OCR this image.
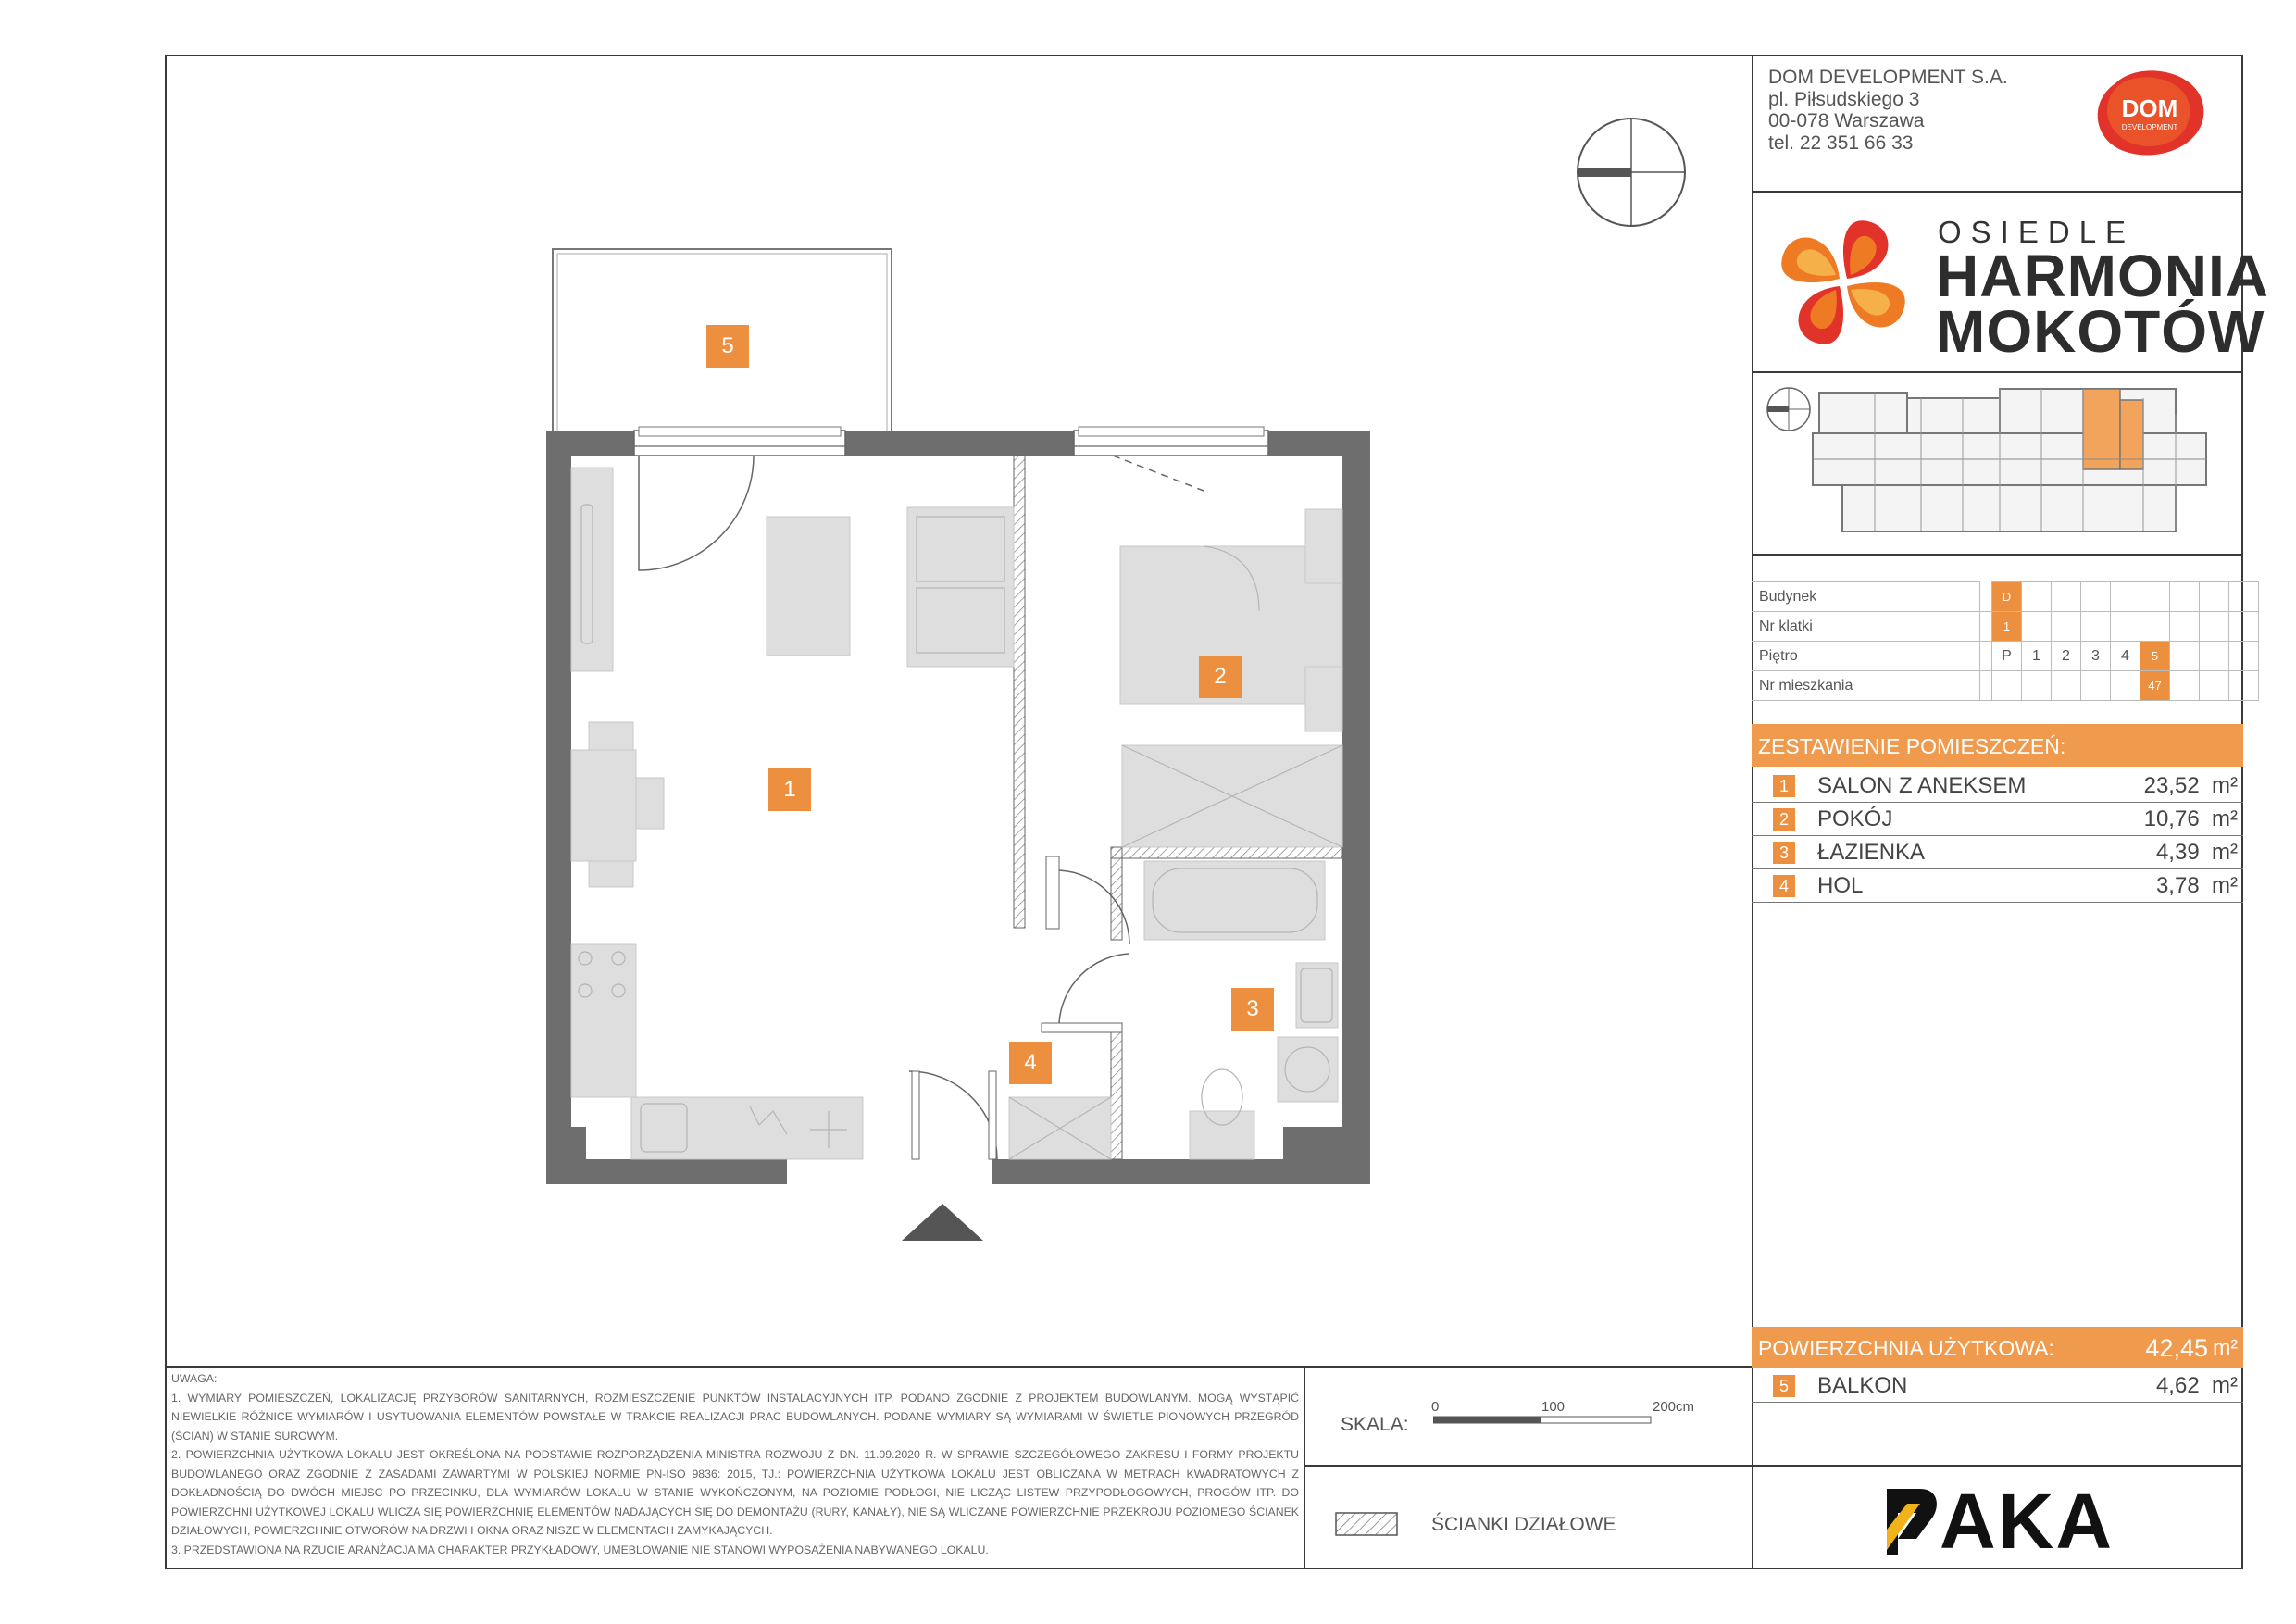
DOM DEVELOPMENT S.A.
pl. Piłsudskiego 3
00-078 Warszawa
tel. 22 351 66 33
DOM
DEVELOPMENT
OSIEDLE
HARMONIA
MOKOTÓW
Budynek		D								
Nr klatki		1								
Piętro		P	1	2	3	4	5			
Nr mieszkania							47			
ZESTAWIENIE POMIESZCZEŃ:
1 SALON Z ANEKSEM	23,52 m²
2 POKÓJ	10,76 m²
3 ŁAZIENKA	4,39 m²
4 HOL	3,78 m²
POWIERZCHNIA UŻYTKOWA:	42,45 m²
5 BALKON	4,62 m²
UWAGA:
1. WYMIARY POMIESZCZEŃ, LOKALIZACJĘ PRZYBORÓW SANITARNYCH, ROZMIESZCZENIE PUNKTÓW INSTALACYJNYCH ITP. PODANO ZGODNIE Z PROJEKTEM BUDOWLANYM. MOGĄ WYSTĄPIĆ NIEWIELKIE RÓŻNICE WYMIARÓW I USYTUOWANIA ELEMENTÓW POWSTAŁE W TRAKCIE REALIZACJI PRAC BUDOWLANYCH. PODANE WYMIARY SĄ WYMIARAMI W ŚWIETLE PIONOWYCH PRZEGRÓD (ŚCIAN) W STANIE SUROWYM.
2. POWIERZCHNIA UŻYTKOWA LOKALU JEST OKREŚLONA NA PODSTAWIE ROZPORZĄDZENIA MINISTRA ROZWOJU Z DN. 11.09.2020 R. W SPRAWIE SZCZEGÓŁOWEGO ZAKRESU I FORMY PROJEKTU BUDOWLANEGO ORAZ ZGODNIE Z ZASADAMI ZAWARTYMI W POLSKIEJ NORMIE PN-ISO 9836: 2015, TJ.: POWIERZCHNIA UŻYTKOWA LOKALU JEST OBLICZANA W METRACH KWADRATOWYCH Z DOKŁADNOŚCIĄ DO DWÓCH MIEJSC PO PRZECINKU, DLA WYMIARÓW LOKALU W STANIE WYKOŃCZONYM, NA POZIOMIE PODŁOGI, NIE LICZĄC LISTEW PRZYPODŁOGOWYCH, PROGÓW ITP. DO POWIERZCHNI UŻYTKOWEJ LOKALU WLICZA SIĘ POWIERZCHNIĘ ELEMENTÓW NADAJĄCYCH SIĘ DO DEMONTAŻU (RURY, KANAŁY), NIE SĄ WLICZANE POWIERZCHNIE PRZEKROJU POZIOMEGO ŚCIANEK DZIAŁOWYCH, POWIERZCHNIE OTWORÓW NA DRZWI I OKNA ORAZ NISZE W ELEMENTACH ZAMYKAJĄCYCH.
3. PRZEDSTAWIONA NA RZUCIE ARANŻACJA MA CHARAKTER PRZYKŁADOWY, UMEBLOWANIE NIE STANOWI WYPOSAŻENIA NABYWANEGO LOKALU.
SKALA:
0	100	200cm
ŚCIANKI DZIAŁOWE	AKA
5
2
1
3
4
